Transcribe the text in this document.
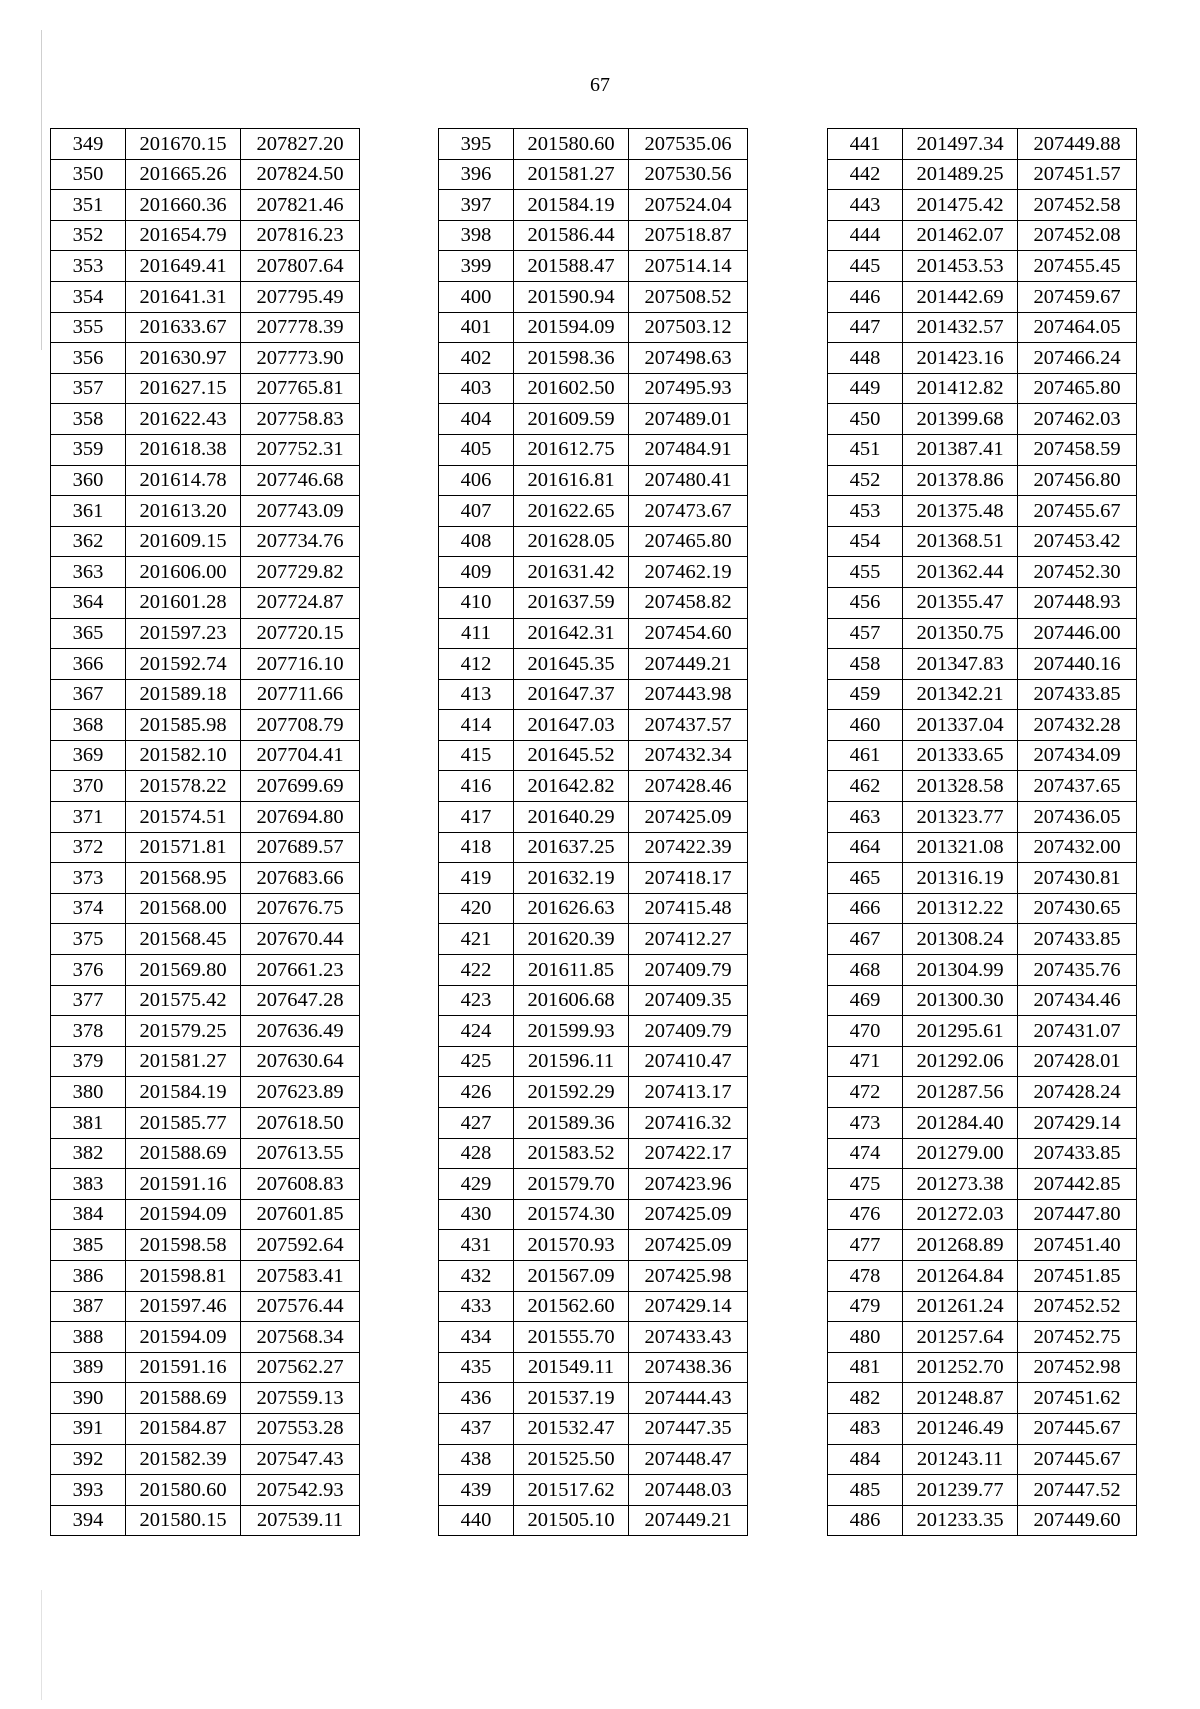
67
349	201670.15	207827.20
350	201665.26	207824.50
351	201660.36	207821.46
352	201654.79	207816.23
353	201649.41	207807.64
354	201641.31	207795.49
355	201633.67	207778.39
356	201630.97	207773.90
357	201627.15	207765.81
358	201622.43	207758.83
359	201618.38	207752.31
360	201614.78	207746.68
361	201613.20	207743.09
362	201609.15	207734.76
363	201606.00	207729.82
364	201601.28	207724.87
365	201597.23	207720.15
366	201592.74	207716.10
367	201589.18	207711.66
368	201585.98	207708.79
369	201582.10	207704.41
370	201578.22	207699.69
371	201574.51	207694.80
372	201571.81	207689.57
373	201568.95	207683.66
374	201568.00	207676.75
375	201568.45	207670.44
376	201569.80	207661.23
377	201575.42	207647.28
378	201579.25	207636.49
379	201581.27	207630.64
380	201584.19	207623.89
381	201585.77	207618.50
382	201588.69	207613.55
383	201591.16	207608.83
384	201594.09	207601.85
385	201598.58	207592.64
386	201598.81	207583.41
387	201597.46	207576.44
388	201594.09	207568.34
389	201591.16	207562.27
390	201588.69	207559.13
391	201584.87	207553.28
392	201582.39	207547.43
393	201580.60	207542.93
394	201580.15	207539.11
395	201580.60	207535.06
396	201581.27	207530.56
397	201584.19	207524.04
398	201586.44	207518.87
399	201588.47	207514.14
400	201590.94	207508.52
401	201594.09	207503.12
402	201598.36	207498.63
403	201602.50	207495.93
404	201609.59	207489.01
405	201612.75	207484.91
406	201616.81	207480.41
407	201622.65	207473.67
408	201628.05	207465.80
409	201631.42	207462.19
410	201637.59	207458.82
411	201642.31	207454.60
412	201645.35	207449.21
413	201647.37	207443.98
414	201647.03	207437.57
415	201645.52	207432.34
416	201642.82	207428.46
417	201640.29	207425.09
418	201637.25	207422.39
419	201632.19	207418.17
420	201626.63	207415.48
421	201620.39	207412.27
422	201611.85	207409.79
423	201606.68	207409.35
424	201599.93	207409.79
425	201596.11	207410.47
426	201592.29	207413.17
427	201589.36	207416.32
428	201583.52	207422.17
429	201579.70	207423.96
430	201574.30	207425.09
431	201570.93	207425.09
432	201567.09	207425.98
433	201562.60	207429.14
434	201555.70	207433.43
435	201549.11	207438.36
436	201537.19	207444.43
437	201532.47	207447.35
438	201525.50	207448.47
439	201517.62	207448.03
440	201505.10	207449.21
441	201497.34	207449.88
442	201489.25	207451.57
443	201475.42	207452.58
444	201462.07	207452.08
445	201453.53	207455.45
446	201442.69	207459.67
447	201432.57	207464.05
448	201423.16	207466.24
449	201412.82	207465.80
450	201399.68	207462.03
451	201387.41	207458.59
452	201378.86	207456.80
453	201375.48	207455.67
454	201368.51	207453.42
455	201362.44	207452.30
456	201355.47	207448.93
457	201350.75	207446.00
458	201347.83	207440.16
459	201342.21	207433.85
460	201337.04	207432.28
461	201333.65	207434.09
462	201328.58	207437.65
463	201323.77	207436.05
464	201321.08	207432.00
465	201316.19	207430.81
466	201312.22	207430.65
467	201308.24	207433.85
468	201304.99	207435.76
469	201300.30	207434.46
470	201295.61	207431.07
471	201292.06	207428.01
472	201287.56	207428.24
473	201284.40	207429.14
474	201279.00	207433.85
475	201273.38	207442.85
476	201272.03	207447.80
477	201268.89	207451.40
478	201264.84	207451.85
479	201261.24	207452.52
480	201257.64	207452.75
481	201252.70	207452.98
482	201248.87	207451.62
483	201246.49	207445.67
484	201243.11	207445.67
485	201239.77	207447.52
486	201233.35	207449.60
